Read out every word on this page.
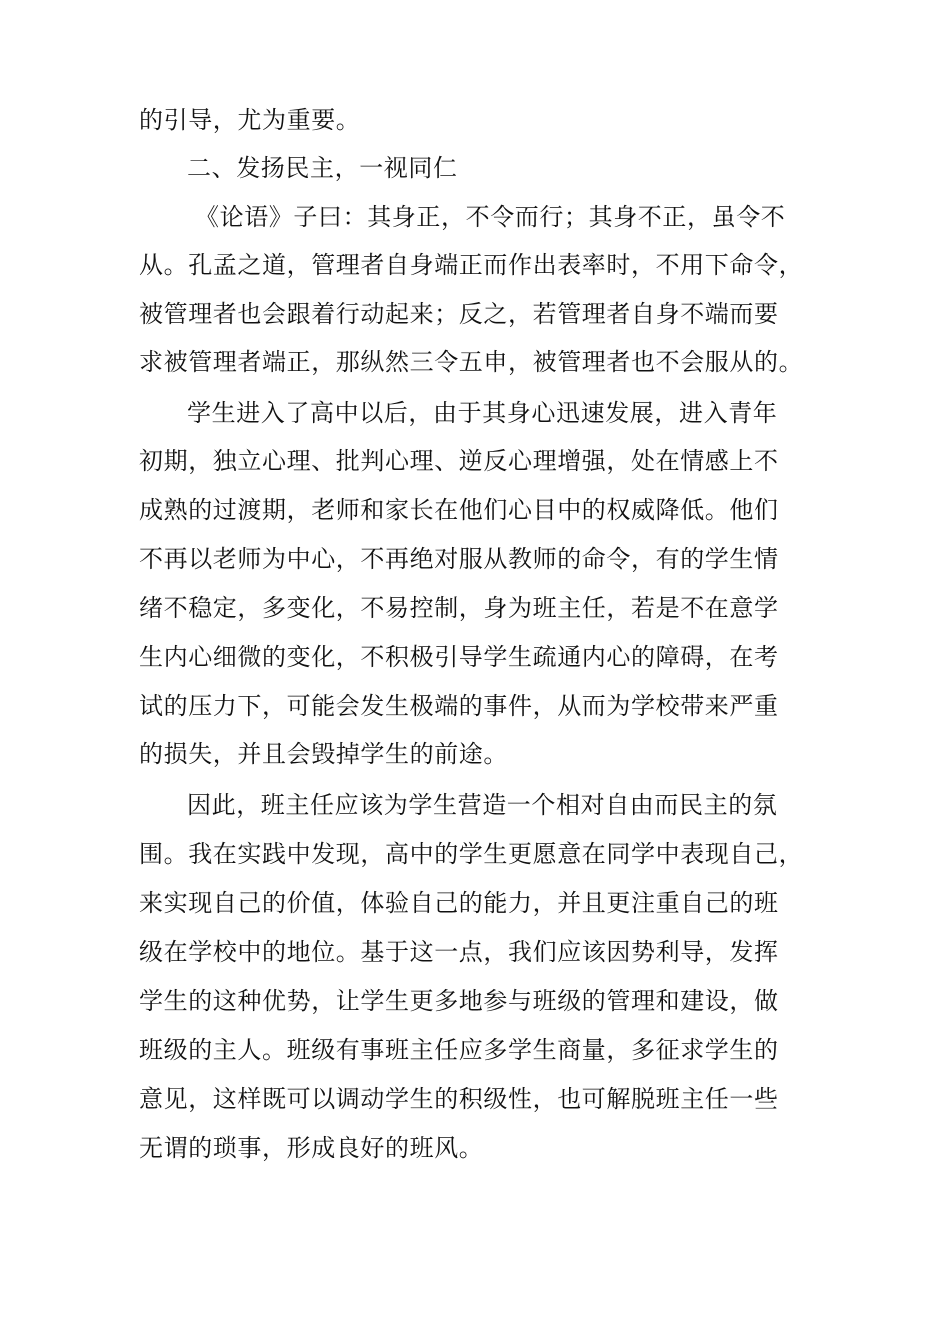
的引导，尤为重要。
二、发扬民主，一视同仁
《论语》子曰：其身正，不令而行；其身不正，虽令不
从。孔孟之道，管理者自身端正而作出表率时，不用下命令，
被管理者也会跟着行动起来；反之，若管理者自身不端而要
求被管理者端正，那纵然三令五申，被管理者也不会服从的。
学生进入了高中以后，由于其身心迅速发展，进入青年
初期，独立心理、批判心理、逆反心理增强，处在情感上不
成熟的过渡期，老师和家长在他们心目中的权威降低。他们
不再以老师为中心，不再绝对服从教师的命令，有的学生情
绪不稳定，多变化，不易控制，身为班主任，若是不在意学
生内心细微的变化，不积极引导学生疏通内心的障碍，在考
试的压力下，可能会发生极端的事件，从而为学校带来严重
的损失，并且会毁掉学生的前途。
因此，班主任应该为学生营造一个相对自由而民主的氛
围。我在实践中发现，高中的学生更愿意在同学中表现自己，
来实现自己的价值，体验自己的能力，并且更注重自己的班
级在学校中的地位。基于这一点，我们应该因势利导，发挥
学生的这种优势，让学生更多地参与班级的管理和建设，做
班级的主人。班级有事班主任应多学生商量，多征求学生的
意见，这样既可以调动学生的积级性，也可解脱班主任一些
无谓的琐事，形成良好的班风。
